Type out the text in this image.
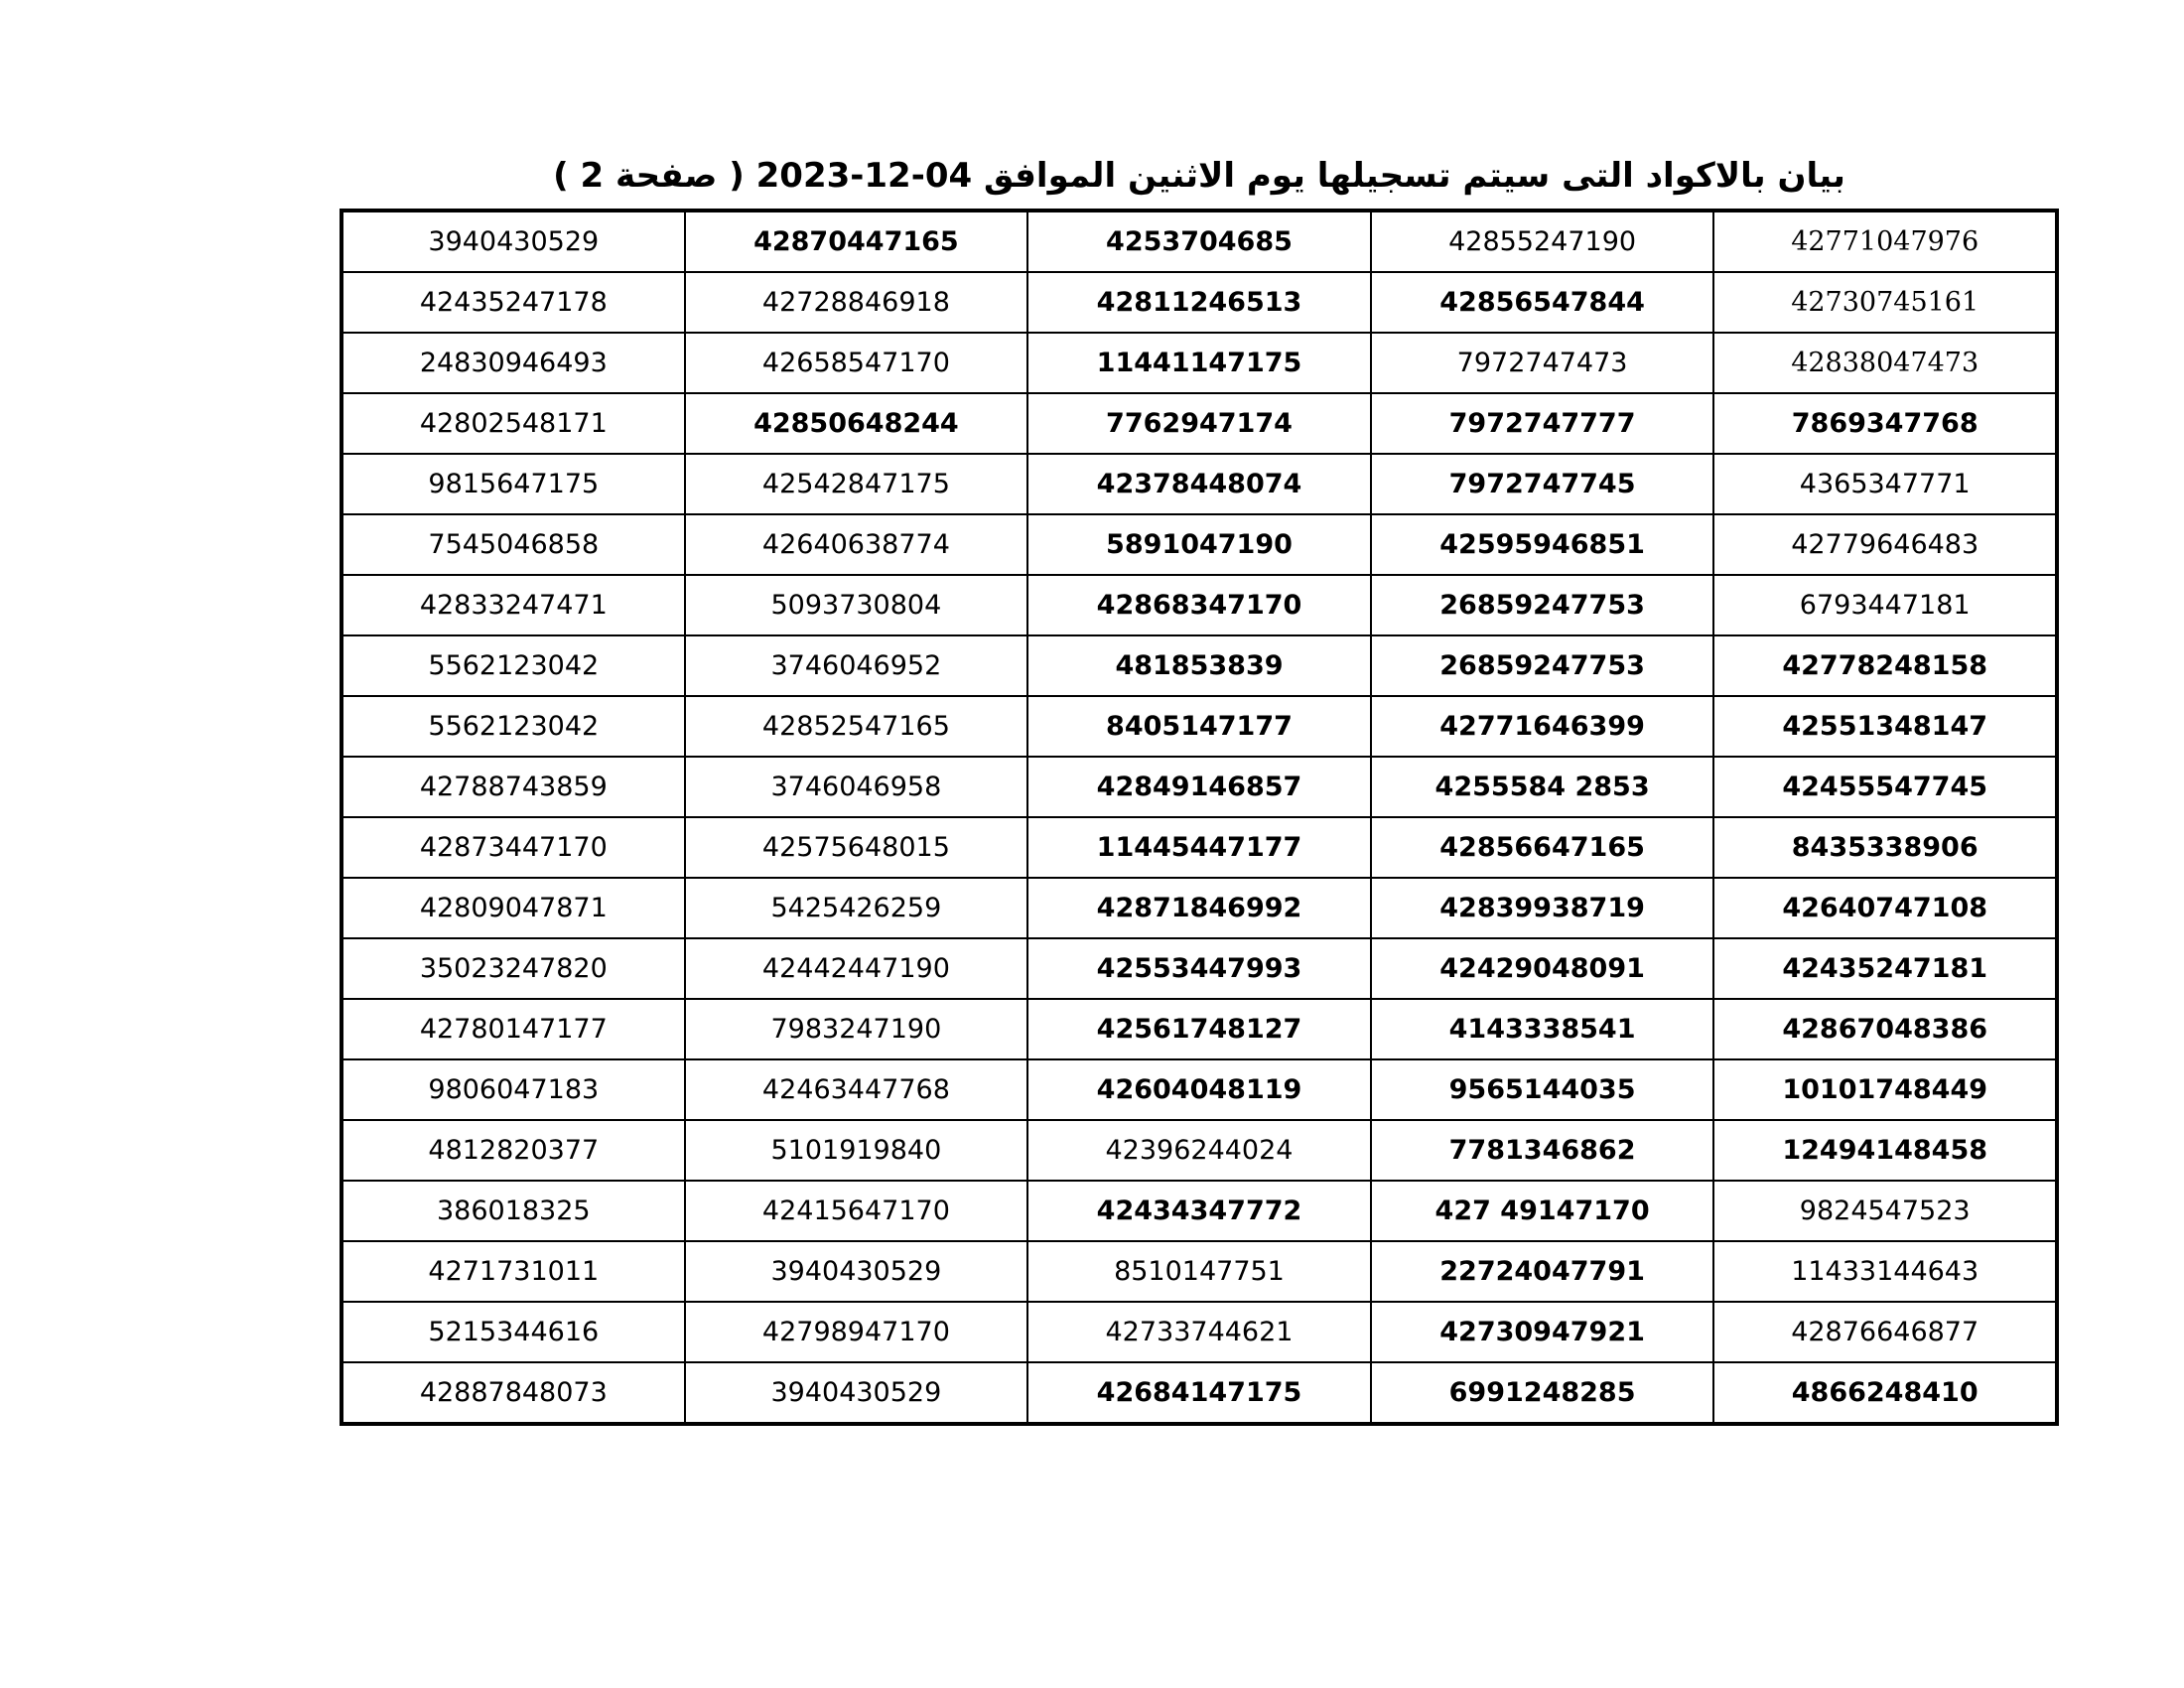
بيان بالاكواد التى سيتم تسجيلها يوم الاثنين الموافق 04-12-2023 ( صفحة 2 )
3940430529	42870447165	4253704685	42855247190	42771047976
42435247178	42728846918	42811246513	42856547844	42730745161
24830946493	42658547170	11441147175	7972747473	42838047473
42802548171	42850648244	7762947174	7972747777	7869347768
9815647175	42542847175	42378448074	7972747745	4365347771
7545046858	42640638774	5891047190	42595946851	42779646483
42833247471	5093730804	42868347170	26859247753	6793447181
5562123042	3746046952	481853839	26859247753	42778248158
5562123042	42852547165	8405147177	42771646399	42551348147
42788743859	3746046958	42849146857	4255584 2853	42455547745
42873447170	42575648015	11445447177	42856647165	8435338906
42809047871	5425426259	42871846992	42839938719	42640747108
35023247820	42442447190	42553447993	42429048091	42435247181
42780147177	7983247190	42561748127	4143338541	42867048386
9806047183	42463447768	42604048119	9565144035	10101748449
4812820377	5101919840	42396244024	7781346862	12494148458
386018325	42415647170	42434347772	427 49147170	9824547523
4271731011	3940430529	8510147751	22724047791	11433144643
5215344616	42798947170	42733744621	42730947921	42876646877
42887848073	3940430529	42684147175	6991248285	4866248410
